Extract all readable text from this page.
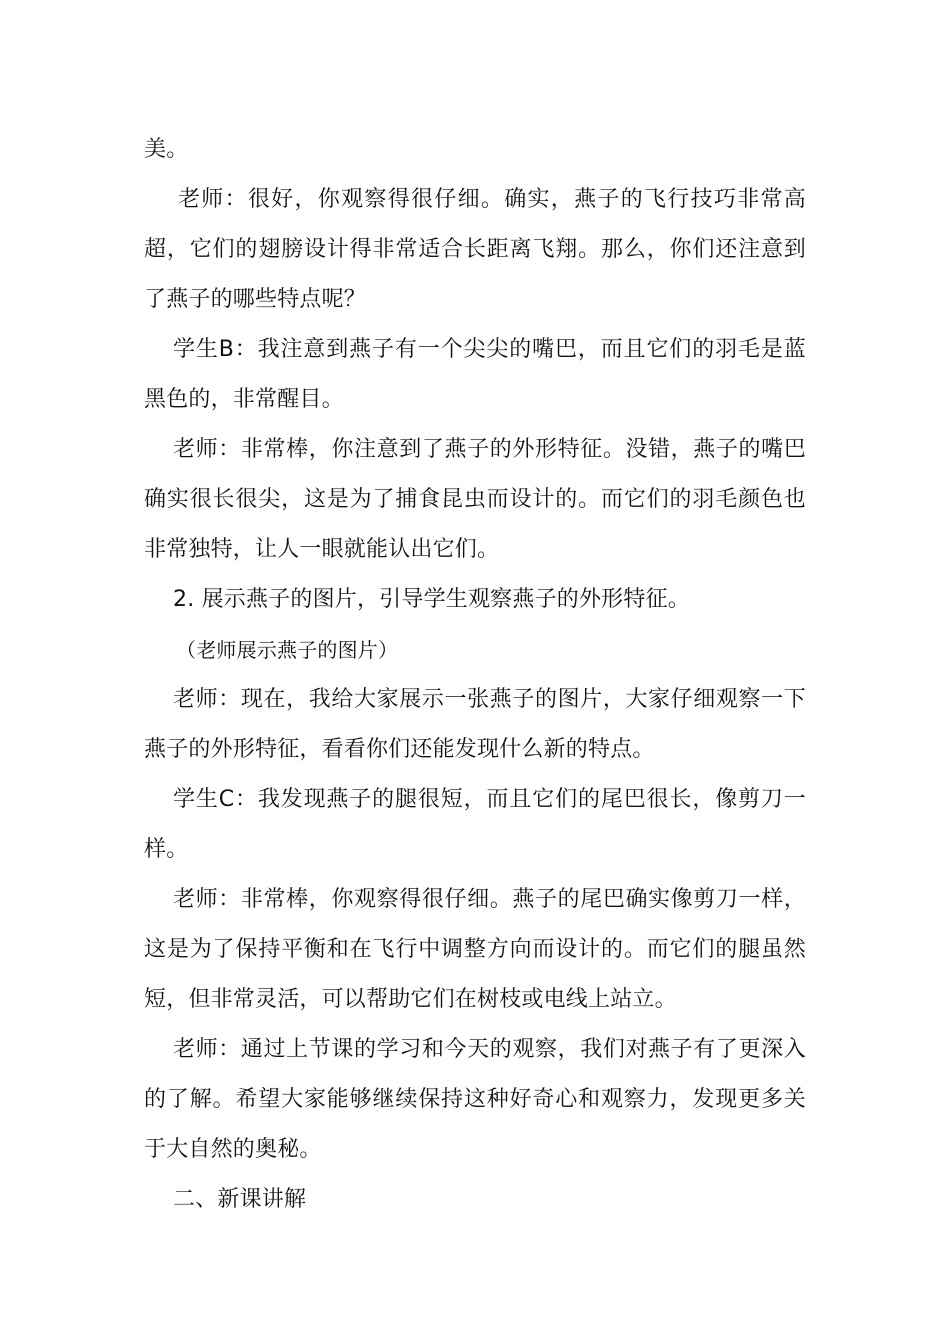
美。

老师：很好，你观察得很仔细。确实，燕子的飞行技巧非常高超，它们的翅膀设计得非常适合长距离飞翔。那么，你们还注意到了燕子的哪些特点呢？

学生B：我注意到燕子有一个尖尖的嘴巴，而且它们的羽毛是蓝黑色的，非常醒目。

老师：非常棒，你注意到了燕子的外形特征。没错，燕子的嘴巴确实很长很尖，这是为了捕食昆虫而设计的。而它们的羽毛颜色也非常独特，让人一眼就能认出它们。

2. 展示燕子的图片，引导学生观察燕子的外形特征。

（老师展示燕子的图片）

老师：现在，我给大家展示一张燕子的图片，大家仔细观察一下燕子的外形特征，看看你们还能发现什么新的特点。

学生C：我发现燕子的腿很短，而且它们的尾巴很长，像剪刀一样。

老师：非常棒，你观察得很仔细。燕子的尾巴确实像剪刀一样，这是为了保持平衡和在飞行中调整方向而设计的。而它们的腿虽然短，但非常灵活，可以帮助它们在树枝或电线上站立。

老师：通过上节课的学习和今天的观察，我们对燕子有了更深入的了解。希望大家能够继续保持这种好奇心和观察力，发现更多关于大自然的奥秘。

二、新课讲解
